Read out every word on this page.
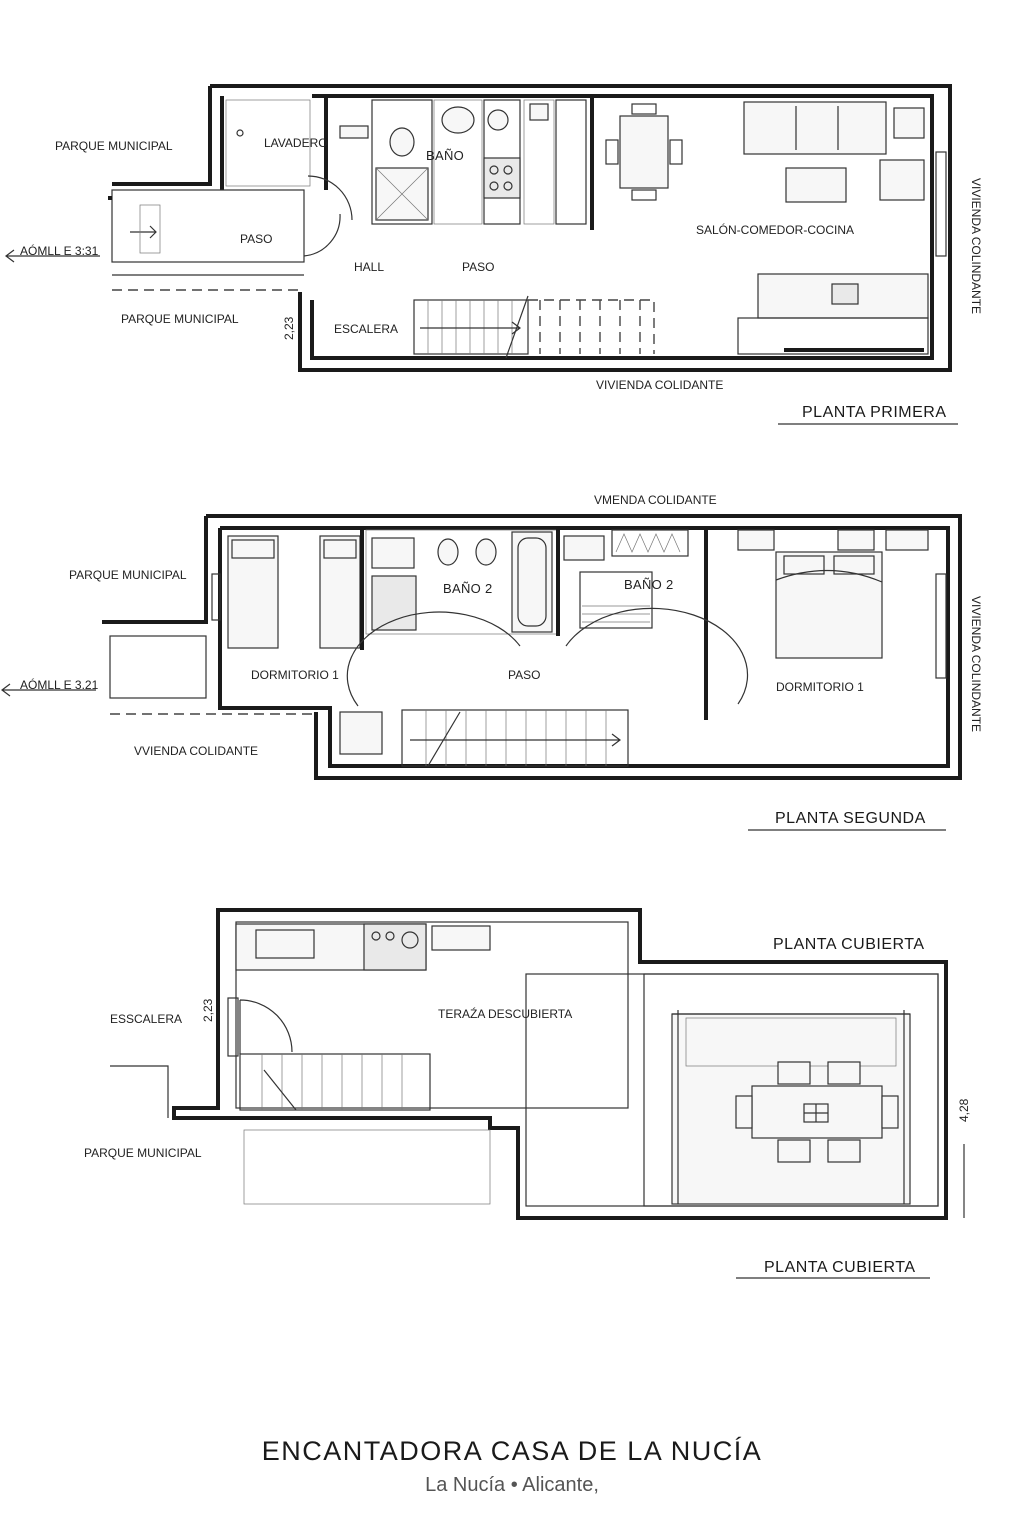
PARQUE MUNICIPAL	LAVADERO
BAÑO
SALÓN-COMEDOR-COCINA
PASO
HALL	PASO
ESCALERA
PARQUE MUNICIPAL
VIVIENDA COLIDANTE
AÓMLL E 3:31
2,23
VIVIENDA COLINDANTE
PLANTA PRIMERA
VMENDA COLIDANTE
PARQUE MUNICIPAL
BAÑO 2	BAÑO 2
DORMITORIO 1	PASO
DORMITORIO 1
VVIENDA COLIDANTE
AÓMLL E 3.21	VIVIENDA COLINDANTE
PLANTA SEGUNDA
PLANTA CUBIERTA
ESSCALERA	TERAŹA DESCUBIERTA
PARQUE MUNICIPAL
2,23
4,28
PLANTA CUBIERTA
ENCANTADORA CASA DE LA NUCÍA
La Nucía • Alicante,
